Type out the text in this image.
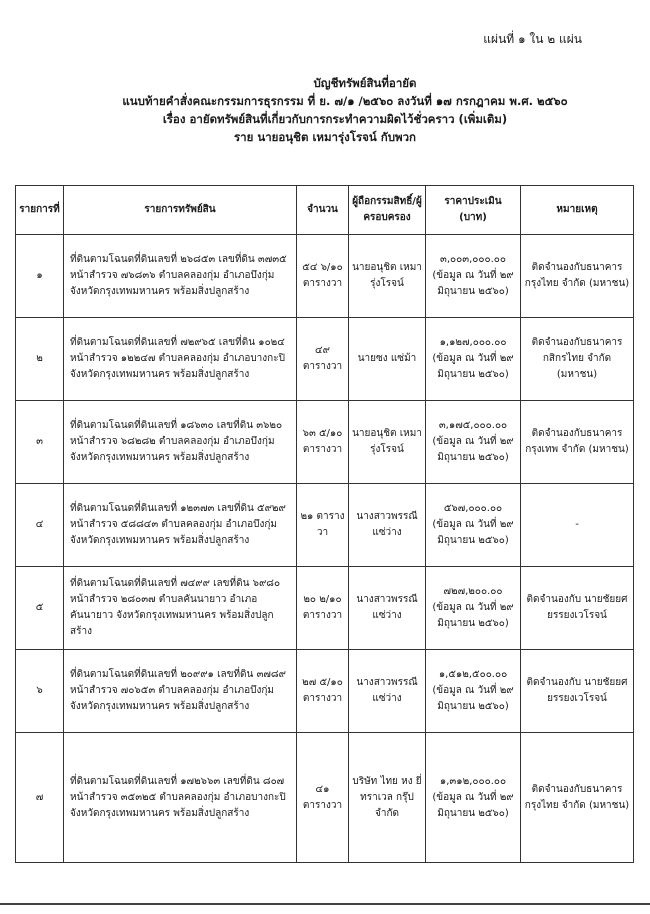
แผ่นที่ ๑ ใน ๒ แผ่น
บัญชีทรัพย์สินที่อายัด
แนบท้ายคำสั่งคณะกรรมการธุรกรรม ที่ ย. ๗/๑ /๒๕๖๐ ลงวันที่ ๑๗ กรกฎาคม พ.ศ. ๒๕๖๐
เรื่อง อายัดทรัพย์สินที่เกี่ยวกับการกระทำความผิดไว้ชั่วคราว (เพิ่มเติม)
ราย นายอนุชิต เหมารุ่งโรจน์ กับพวก
รายการที่	รายการทรัพย์สิน	จำนวน	ผู้ถือกรรมสิทธิ์/ผู้ครอบครอง	ราคาประเมิน (บาท)	หมายเหตุ
๑	ที่ดินตามโฉนดที่ดินเลขที่ ๒๖๘๕๓ เลขที่ดิน ๓๗๓๕ หน้าสำรวจ ๗๖๘๓๖ ตำบลคลองกุ่ม อำเภอบึงกุ่ม จังหวัดกรุงเทพมหานคร พร้อมสิ่งปลูกสร้าง	๕๔ ๖/๑๐ ตารางวา	นายอนุชิต เหมารุ่งโรจน์	๓,๐๐๓,๐๐๐.๐๐ (ข้อมูล ณ วันที่ ๒๙ มิถุนายน ๒๕๖๐)	ติดจำนองกับธนาคารกรุงไทย จำกัด (มหาชน)
๒	ที่ดินตามโฉนดที่ดินเลขที่ ๗๒๙๖๕ เลขที่ดิน ๑๐๒๔ หน้าสำรวจ ๑๒๒๔๗ ตำบลคลองกุ่ม อำเภอบางกะปิ จังหวัดกรุงเทพมหานคร พร้อมสิ่งปลูกสร้าง	๔๙ ตารางวา	นายซง แซ่ม้า	๑,๑๒๗,๐๐๐.๐๐ (ข้อมูล ณ วันที่ ๒๙ มิถุนายน ๒๕๖๐)	ติดจำนองกับธนาคารกสิกรไทย จำกัด (มหาชน)
๓	ที่ดินตามโฉนดที่ดินเลขที่ ๑๘๖๓๐ เลขที่ดิน ๓๖๒๐ หน้าสำรวจ ๖๘๒๘๒ ตำบลคลองกุ่ม อำเภอบึงกุ่ม จังหวัดกรุงเทพมหานคร พร้อมสิ่งปลูกสร้าง	๖๓ ๕/๑๐ ตารางวา	นายอนุชิต เหมารุ่งโรจน์	๓,๑๗๕,๐๐๐.๐๐ (ข้อมูล ณ วันที่ ๒๙ มิถุนายน ๒๕๖๐)	ติดจำนองกับธนาคารกรุงเทพ จำกัด (มหาชน)
๔	ที่ดินตามโฉนดที่ดินเลขที่ ๑๒๓๗๓ เลขที่ดิน ๕๙๒๙ หน้าสำรวจ ๕๘๘๔๓ ตำบลคลองกุ่ม อำเภอบึงกุ่ม จังหวัดกรุงเทพมหานคร พร้อมสิ่งปลูกสร้าง	๒๑ ตารางวา	นางสาวพรรณี แซ่ว่าง	๕๖๗,๐๐๐.๐๐ (ข้อมูล ณ วันที่ ๒๙ มิถุนายน ๒๕๖๐)	-
๕	ที่ดินตามโฉนดที่ดินเลขที่ ๗๔๙๙ เลขที่ดิน ๖๙๘๐ หน้าสำรวจ ๒๘๐๓๗ ตำบลคันนายาว อำเภอคันนายาว จังหวัดกรุงเทพมหานคร พร้อมสิ่งปลูกสร้าง	๒๐ ๒/๑๐ ตารางวา	นางสาวพรรณี แซ่ว่าง	๗๒๗,๒๐๐.๐๐ (ข้อมูล ณ วันที่ ๒๙ มิถุนายน ๒๕๖๐)	ติดจำนองกับ นายชัยยศ ยรรยงเวโรจน์
๖	ที่ดินตามโฉนดที่ดินเลขที่ ๒๐๙๙๑ เลขที่ดิน ๓๗๘๙ หน้าสำรวจ ๗๐๖๕๓ ตำบลคลองกุ่ม อำเภอบึงกุ่ม จังหวัดกรุงเทพมหานคร พร้อมสิ่งปลูกสร้าง	๒๗ ๕/๑๐ ตารางวา	นางสาวพรรณี แซ่ว่าง	๑,๕๑๒,๕๐๐.๐๐ (ข้อมูล ณ วันที่ ๒๙ มิถุนายน ๒๕๖๐)	ติดจำนองกับ นายชัยยศ ยรรยงเวโรจน์
๗	ที่ดินตามโฉนดที่ดินเลขที่ ๑๗๒๖๖๓ เลขที่ดิน ๘๐๗ หน้าสำรวจ ๓๕๓๒๕ ตำบลคลองกุ่ม อำเภอบางกะปิ จังหวัดกรุงเทพมหานคร พร้อมสิ่งปลูกสร้าง	๔๑ ตารางวา	บริษัท ไทย หง ยี่ ทราเวล กรุ๊ป จำกัด	๑,๓๑๒,๐๐๐.๐๐ (ข้อมูล ณ วันที่ ๒๙ มิถุนายน ๒๕๖๐)	ติดจำนองกับธนาคารกรุงไทย จำกัด (มหาชน)
